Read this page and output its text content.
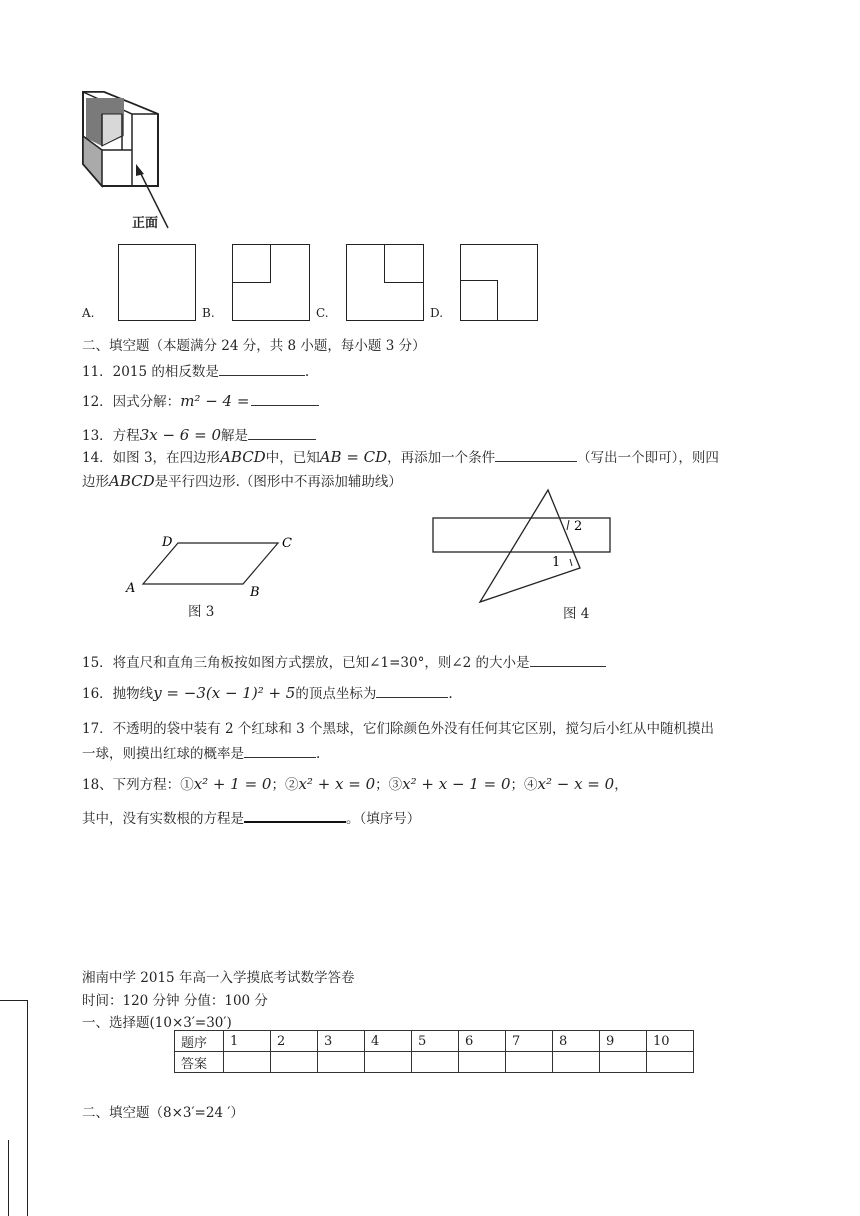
正面
A.	B.	C.	D.
二、填空题（本题满分 24 分，共 8 小题，每小题 3 分）
11．2015 的相反数是	.
12．因式分解：m² − 4 =
13．方程3x − 6 = 0解是
14．如图 3，在四边形ABCD中，已知AB = CD，再添加一个条件	（写出一个即可），则四
边形ABCD是平行四边形.（图形中不再添加辅助线）
D	C
A	B
图 3
2
1
图 4
15．将直尺和直角三角板按如图方式摆放，已知∠1=30°，则∠2 的大小是
16．抛物线y = −3(x − 1)² + 5的顶点坐标为	.
17．不透明的袋中装有 2 个红球和 3 个黑球，它们除颜色外没有任何其它区别，搅匀后小红从中随机摸出
一球，则摸出红球的概率是	.
18、下列方程：①x² + 1 = 0；②x² + x = 0；③x² + x − 1 = 0；④x² − x = 0，
其中，没有实数根的方程是	。（填序号）
湘南中学 2015 年高一入学摸底考试数学答卷
时间：120 分钟 分值：100 分
一、选择题(10×3′=30′)
题序	1	2	3	4	5	6	7	8	9	10
答案										
二、填空题（8×3′=24 ′）
